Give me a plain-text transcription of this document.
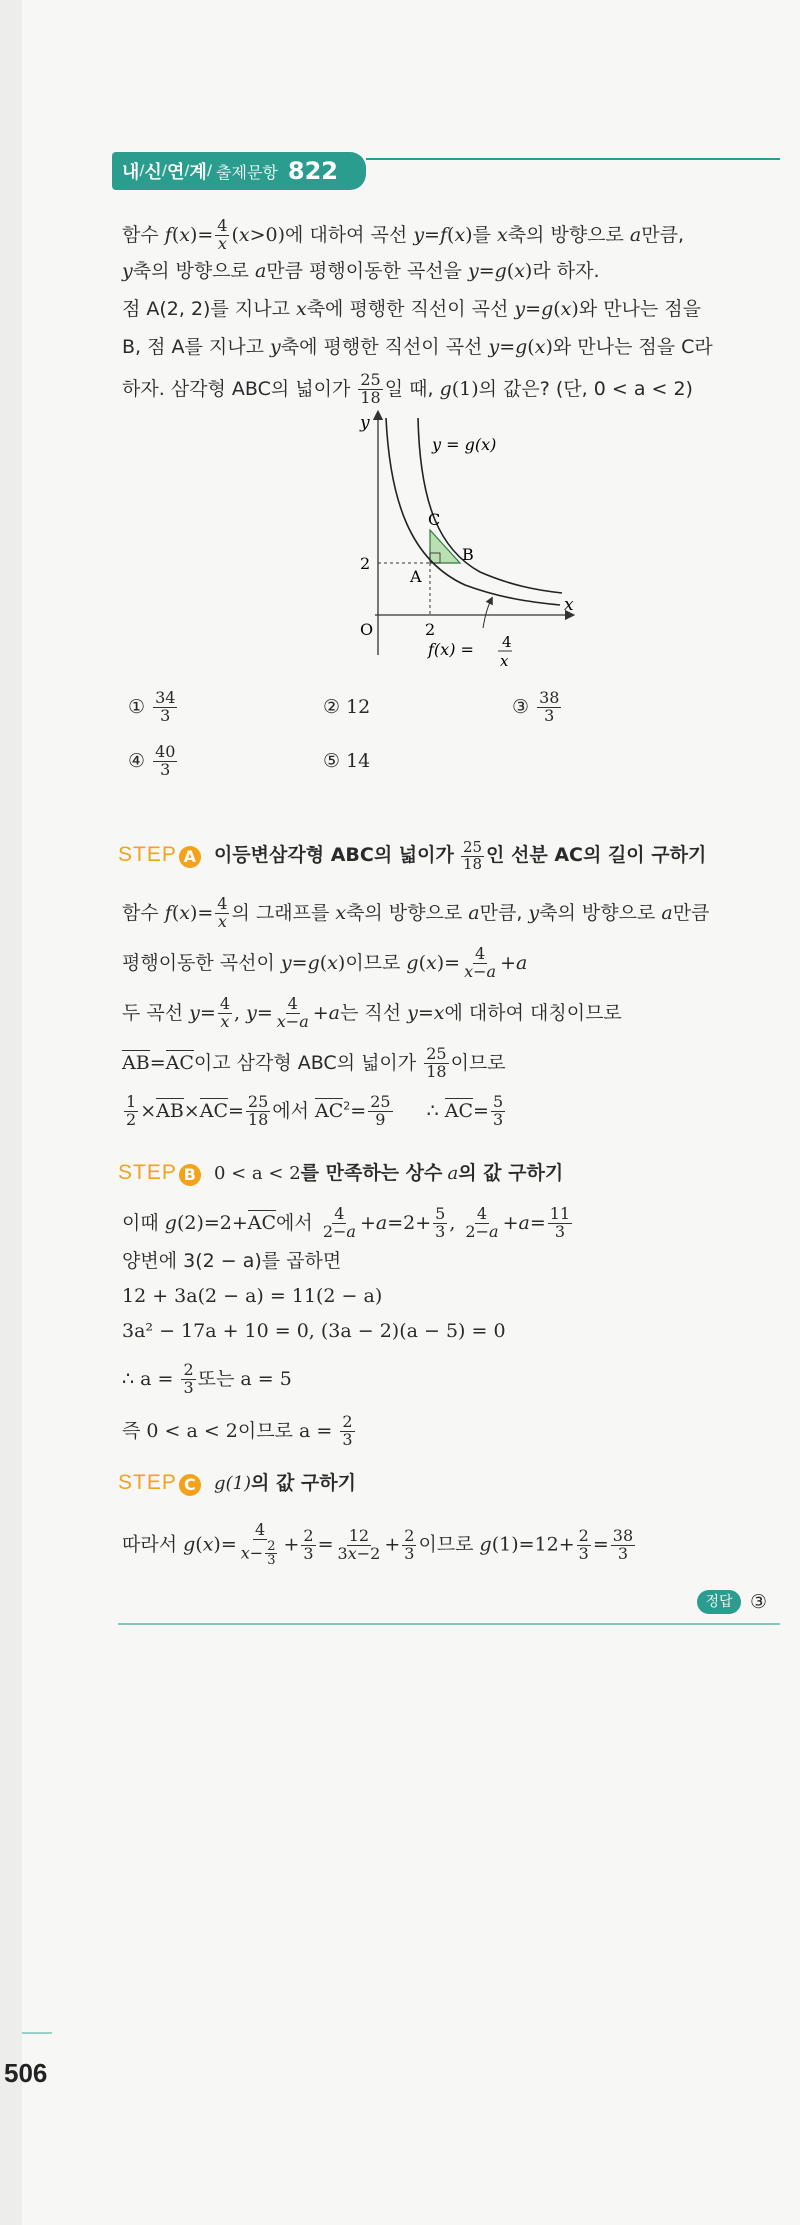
내 / 신 / 연 / 계 / 출제문항 822
함수 $f(x)= \frac{4}{x} (x>0)$에 대하여 곡선 y=f(x)를 x축의 방향으로 a만큼,
y축의 방향으로 a만큼 평행이동한 곡선을 y=g(x)라 하자.
점 A(2, 2)를 지나고 x축에 평행한 직선이 곡선 y=g(x)와 만나는 점을
B, 점 A를 지나고 y축에 평행한 직선이 곡선 y=g(x)와 만나는 점을 C라
하자. 삼각형 ABC의 넓이가 $\frac{25}{18}$ 일 때, g(1)의 값은? (단, 0 < a < 2)
y
x
O	2
2
A
B
C
y = g(x)
f(x) = 4
x
① $\frac{34}{3}$	② 12	③ $\frac{38}{3}$
④ $\frac{40}{3}$	⑤ 14
STEP A 이등변삼각형 ABC의 넓이가 $\frac{25}{18}$ 인 선분 AC의 길이 구하기
함수 $f(x)= \frac{4}{x}$ 의 그래프를 x축의 방향으로 a만큼, y축의 방향으로 a만큼
평행이동한 곡선이 y=g(x)이므로 $g(x)= \frac{4}{x-a} +a$
두 곡선 $y= \frac{4}{x}$ , $y= \frac{4}{x-a} +a$는 직선 y=x에 대하여 대칭이므로
AB=AC이고 삼각형 ABC의 넓이가 $\frac{25}{18}$ 이므로
$\frac{1}{2} \times AB\times AC= \frac{25}{18}$ 에서 $AC^2= \frac{25}{9}$ ∴ $AC= \frac{5}{3}$
STEP B 0 < a < 2를 만족하는 상수 a의 값 구하기
이때 g(2)=2+AC에서 $\frac{4}{2-a} +a=2+ \frac{5}{3}$ , $\frac{4}{2-a} +a= \frac{11}{3}$
양변에 3(2 − a)를 곱하면
12 + 3a(2 − a) = 11(2 − a)
3a² − 17a + 10 = 0, (3a − 2)(a − 5) = 0
∴ $a = \frac{2}{3}$ 또는 a = 5
즉 0 < a < 2이므로 $a = \frac{2}{3}$
STEP C g(1)의 값 구하기
따라서 $g(x)= \frac{4}{x- \frac{2}{3}} + \frac{2}{3} = \frac{12}{3x-2} + \frac{2}{3}$ 이므로 $g(1)=12+ \frac{2}{3} = \frac{38}{3}$
정답 ③
506
